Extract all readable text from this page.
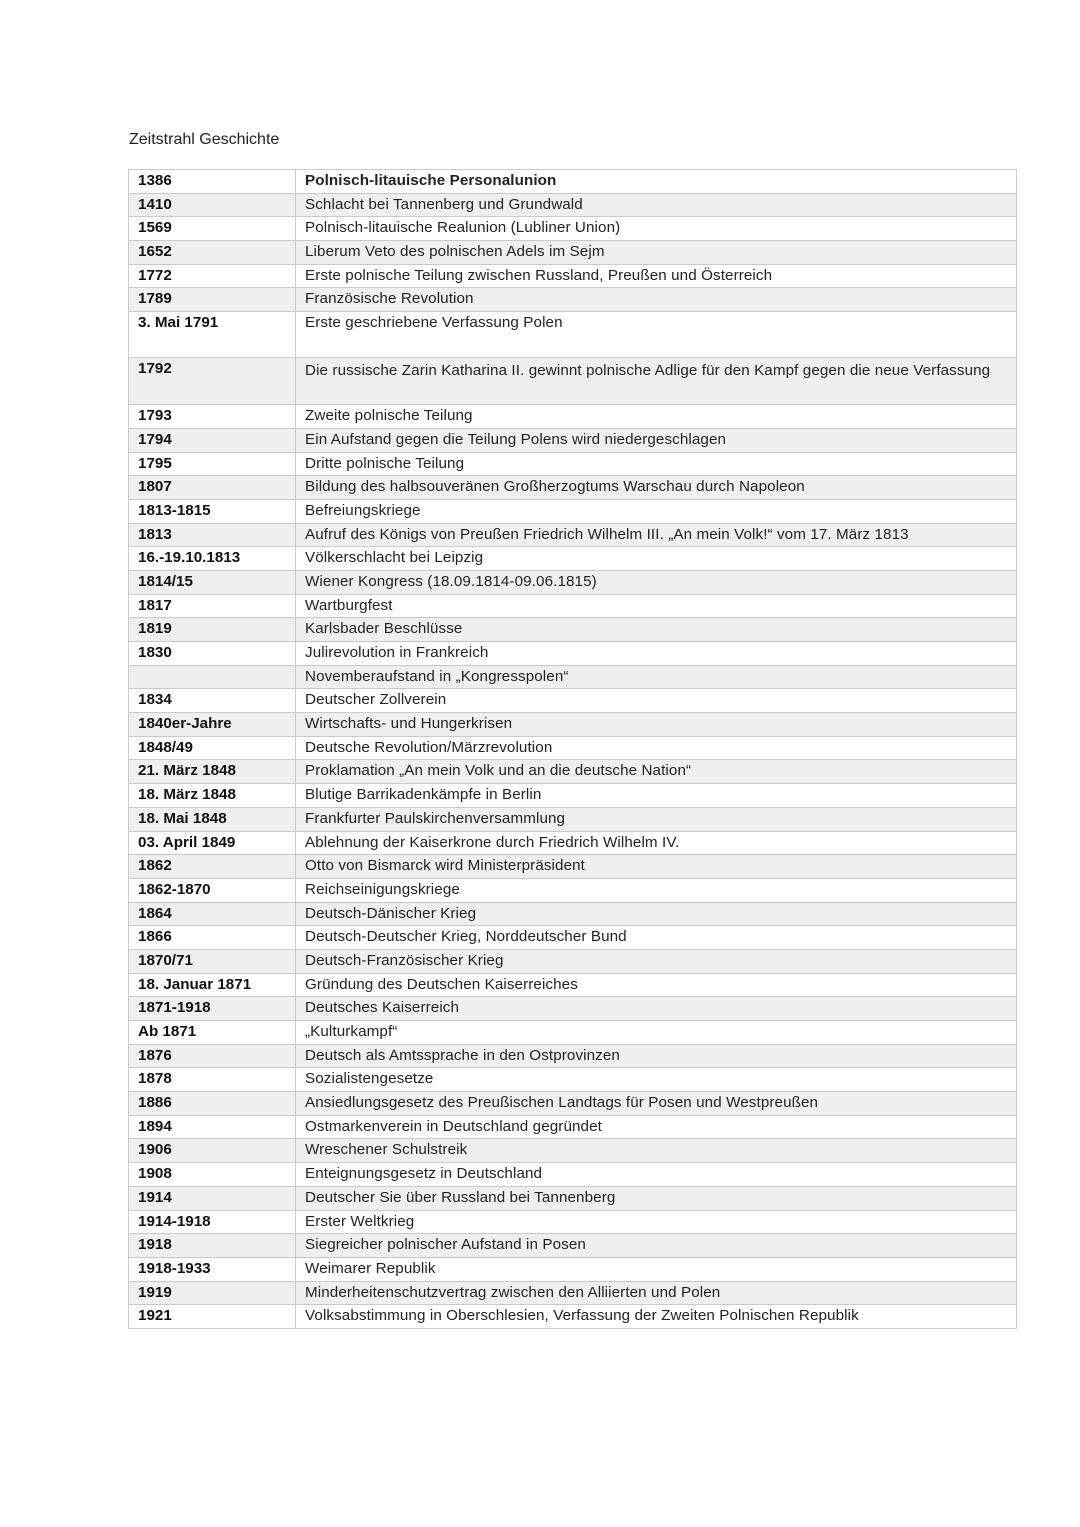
Zeitstrahl Geschichte
1386	Polnisch-litauische Personalunion
1410	Schlacht bei Tannenberg und Grundwald
1569	Polnisch-litauische Realunion (Lubliner Union)
1652	Liberum Veto des polnischen Adels im Sejm
1772	Erste polnische Teilung zwischen Russland, Preußen und Österreich
1789	Französische Revolution
3. Mai 1791	Erste geschriebene Verfassung Polen
1792	Die russische Zarin Katharina II. gewinnt polnische Adlige für den Kampf gegen die neue Verfassung
1793	Zweite polnische Teilung
1794	Ein Aufstand gegen die Teilung Polens wird niedergeschlagen
1795	Dritte polnische Teilung
1807	Bildung des halbsouveränen Großherzogtums Warschau durch Napoleon
1813-1815	Befreiungskriege
1813	Aufruf des Königs von Preußen Friedrich Wilhelm III. „An mein Volk!“ vom 17. März 1813
16.-19.10.1813	Völkerschlacht bei Leipzig
1814/15	Wiener Kongress (18.09.1814-09.06.1815)
1817	Wartburgfest
1819	Karlsbader Beschlüsse
1830	Julirevolution in Frankreich
	Novemberaufstand in „Kongresspolen“
1834	Deutscher Zollverein
1840er-Jahre	Wirtschafts- und Hungerkrisen
1848/49	Deutsche Revolution/Märzrevolution
21. März 1848	Proklamation „An mein Volk und an die deutsche Nation“
18. März 1848	Blutige Barrikadenkämpfe in Berlin
18. Mai 1848	Frankfurter Paulskirchenversammlung
03. April 1849	Ablehnung der Kaiserkrone durch Friedrich Wilhelm IV.
1862	Otto von Bismarck wird Ministerpräsident
1862-1870	Reichseinigungskriege
1864	Deutsch-Dänischer Krieg
1866	Deutsch-Deutscher Krieg, Norddeutscher Bund
1870/71	Deutsch-Französischer Krieg
18. Januar 1871	Gründung des Deutschen Kaiserreiches
1871-1918	Deutsches Kaiserreich
Ab 1871	„Kulturkampf“
1876	Deutsch als Amtssprache in den Ostprovinzen
1878	Sozialistengesetze
1886	Ansiedlungsgesetz des Preußischen Landtags für Posen und Westpreußen
1894	Ostmarkenverein in Deutschland gegründet
1906	Wreschener Schulstreik
1908	Enteignungsgesetz in Deutschland
1914	Deutscher Sie über Russland bei Tannenberg
1914-1918	Erster Weltkrieg
1918	Siegreicher polnischer Aufstand in Posen
1918-1933	Weimarer Republik
1919	Minderheitenschutzvertrag zwischen den Alliierten und Polen
1921	Volksabstimmung in Oberschlesien, Verfassung der Zweiten Polnischen Republik
